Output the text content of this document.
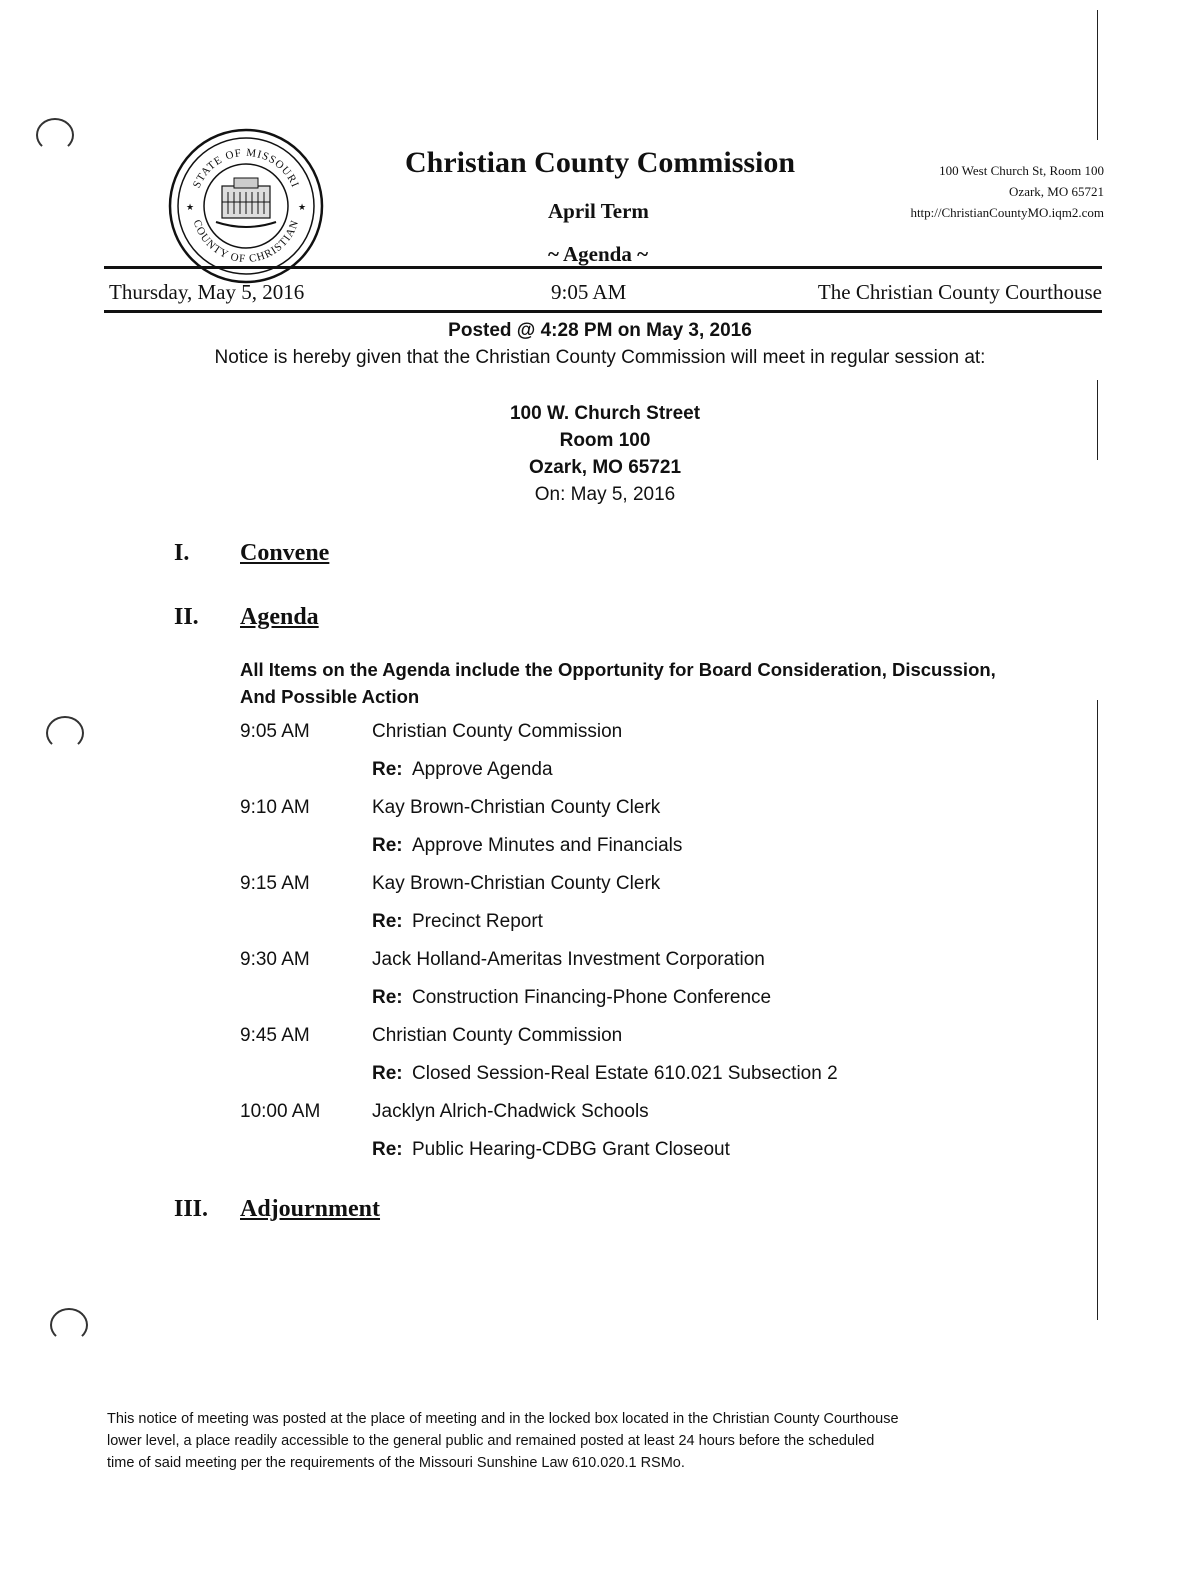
STATE OF MISSOURI
COUNTY OF CHRISTIAN
★	★
Christian County Commission
April Term
~ Agenda ~
100 West Church St, Room 100
Ozark, MO 65721
http://ChristianCountyMO.iqm2.com
Thursday, May 5, 2016	9:05 AM	The Christian County Courthouse
Posted @ 4:28 PM on May 3, 2016
Notice is hereby given that the Christian County Commission will meet in regular session at:
100 W. Church Street
Room 100
Ozark, MO 65721
On: May 5, 2016
I. Convene
II. Agenda
All Items on the Agenda include the Opportunity for Board Consideration, Discussion,
And Possible Action
9:05 AM	Christian County Commission
Re: Approve Agenda
9:10 AM	Kay Brown-Christian County Clerk
Re: Approve Minutes and Financials
9:15 AM	Kay Brown-Christian County Clerk
Re: Precinct Report
9:30 AM	Jack Holland-Ameritas Investment Corporation
Re: Construction Financing-Phone Conference
9:45 AM	Christian County Commission
Re: Closed Session-Real Estate 610.021 Subsection 2
10:00 AM	Jacklyn Alrich-Chadwick Schools
Re: Public Hearing-CDBG Grant Closeout
III. Adjournment
This notice of meeting was posted at the place of meeting and in the locked box located in the Christian County Courthouse
lower level, a place readily accessible to the general public and remained posted at least 24 hours before the scheduled
time of said meeting per the requirements of the Missouri Sunshine Law 610.020.1 RSMo.
